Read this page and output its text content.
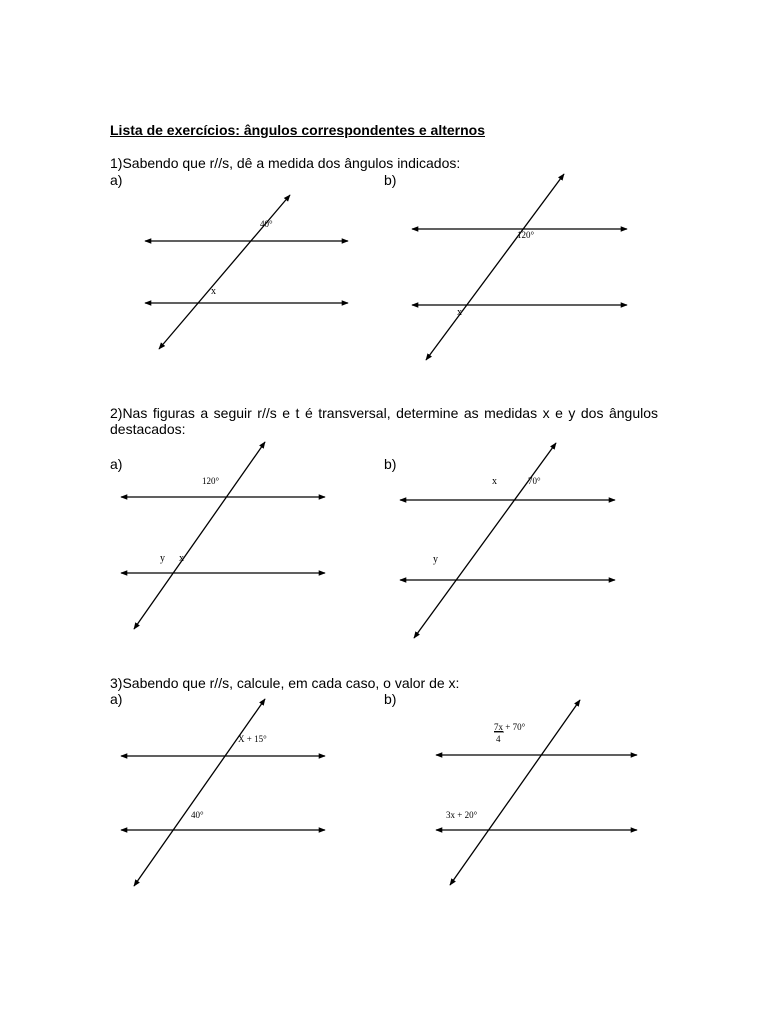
Lista de exercícios: ângulos correspondentes e alternos
1)Sabendo que r//s, dê a medida dos ângulos indicados:
a)	b)
2)Nas figuras a seguir r//s e t é transversal, determine as medidas x e y dos ângulos destacados:
a)	b)
3)Sabendo que r//s, calcule, em cada caso, o valor de x:
a)	b)
40°
x
120°
x
120°
y x
x	70°
y
X + 15°
40°
7x + 70°
4
3x + 20°
